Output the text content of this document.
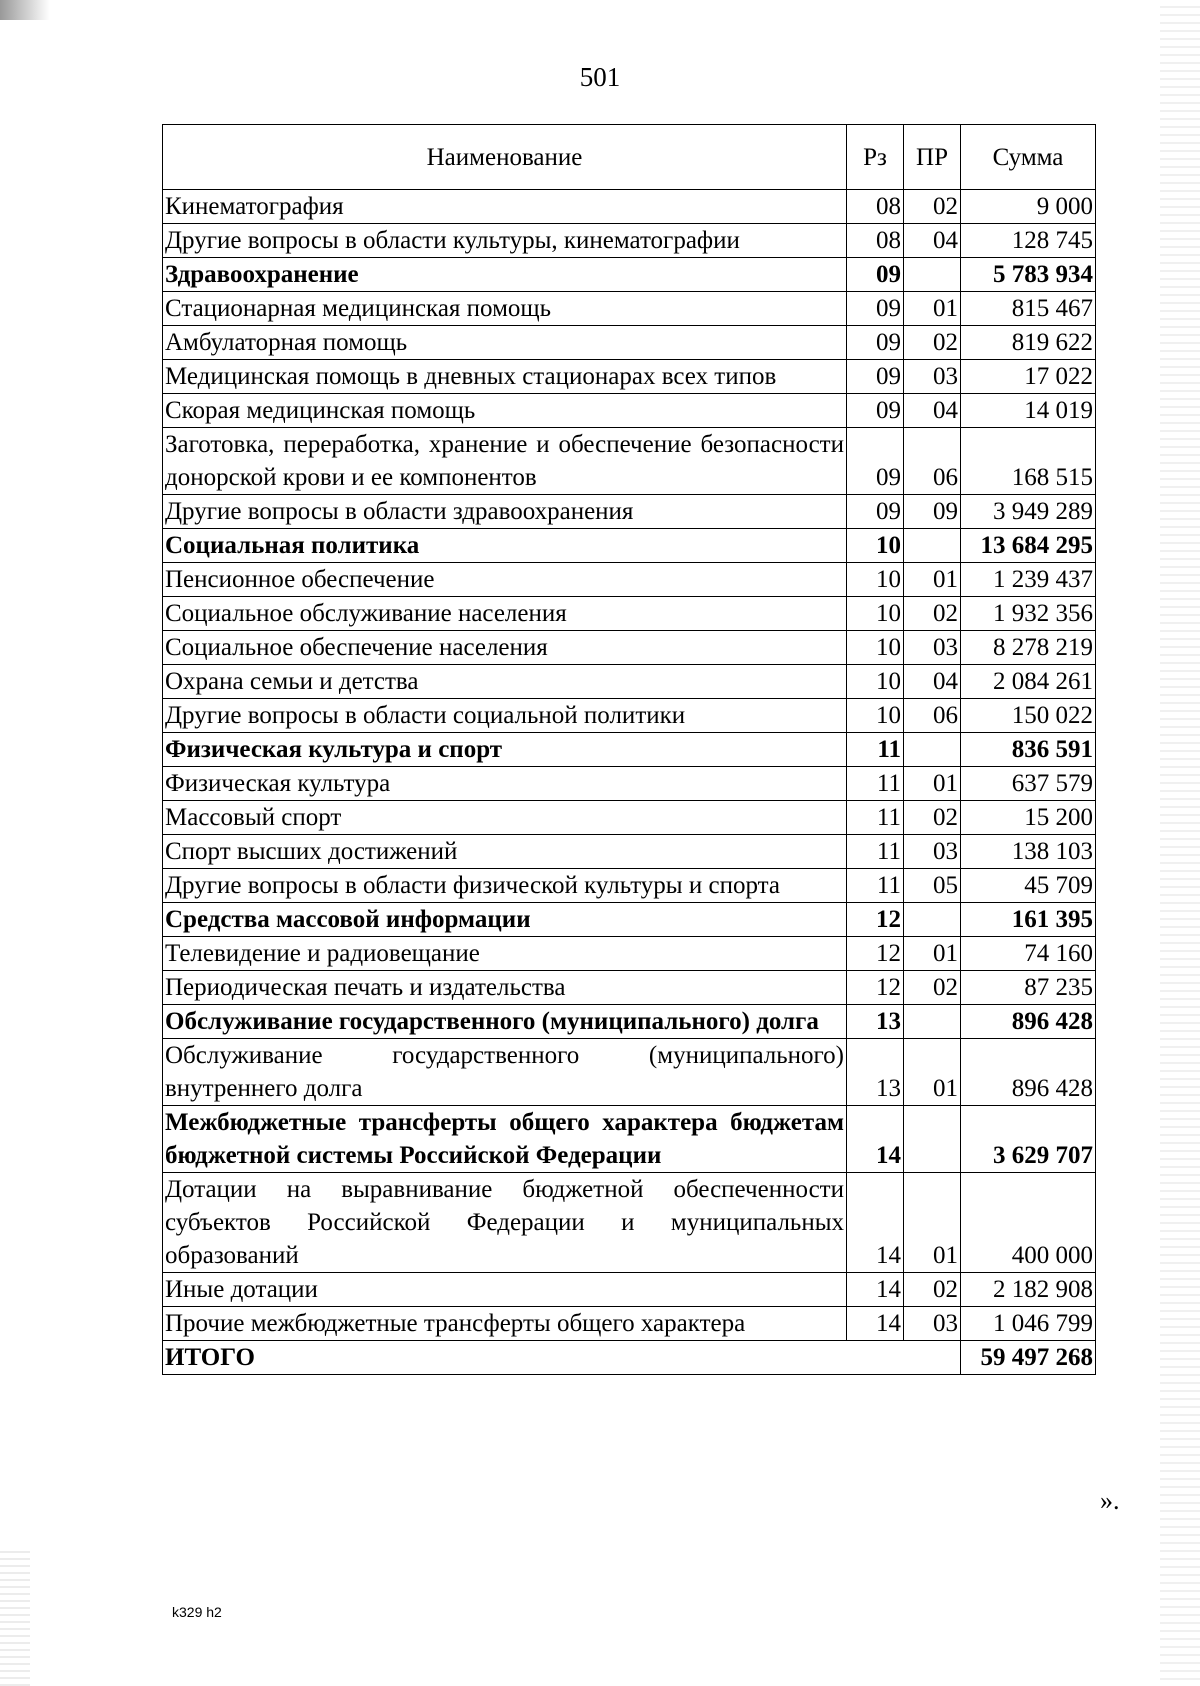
501
Наименование	Рз	ПР	Сумма
Кинематография	08	02	9 000
Другие вопросы в области культуры, кинематографии	08	04	128 745
Здравоохранение	09		5 783 934
Стационарная медицинская помощь	09	01	815 467
Амбулаторная помощь	09	02	819 622
Медицинская помощь в дневных стационарах всех типов	09	03	17 022
Скорая медицинская помощь	09	04	14 019
Заготовка, переработка, хранение и обеспечение безопасности донорской крови и ее компонентов	09	06	168 515
Другие вопросы в области здравоохранения	09	09	3 949 289
Социальная политика	10		13 684 295
Пенсионное обеспечение	10	01	1 239 437
Социальное обслуживание населения	10	02	1 932 356
Социальное обеспечение населения	10	03	8 278 219
Охрана семьи и детства	10	04	2 084 261
Другие вопросы в области социальной политики	10	06	150 022
Физическая культура и спорт	11		836 591
Физическая культура	11	01	637 579
Массовый спорт	11	02	15 200
Спорт высших достижений	11	03	138 103
Другие вопросы в области физической культуры и спорта	11	05	45 709
Средства массовой информации	12		161 395
Телевидение и радиовещание	12	01	74 160
Периодическая печать и издательства	12	02	87 235
Обслуживание государственного (муниципального) долга	13		896 428
Обслуживание государственного (муниципального) внутреннего долга	13	01	896 428
Межбюджетные трансферты общего характера бюджетам бюджетной системы Российской Федерации	14		3 629 707
Дотации на выравнивание бюджетной обеспеченности субъектов Российской Федерации и муниципальных образований	14	01	400 000
Иные дотации	14	02	2 182 908
Прочие межбюджетные трансферты общего характера	14	03	1 046 799
ИТОГО			59 497 268
».
k329 h2
